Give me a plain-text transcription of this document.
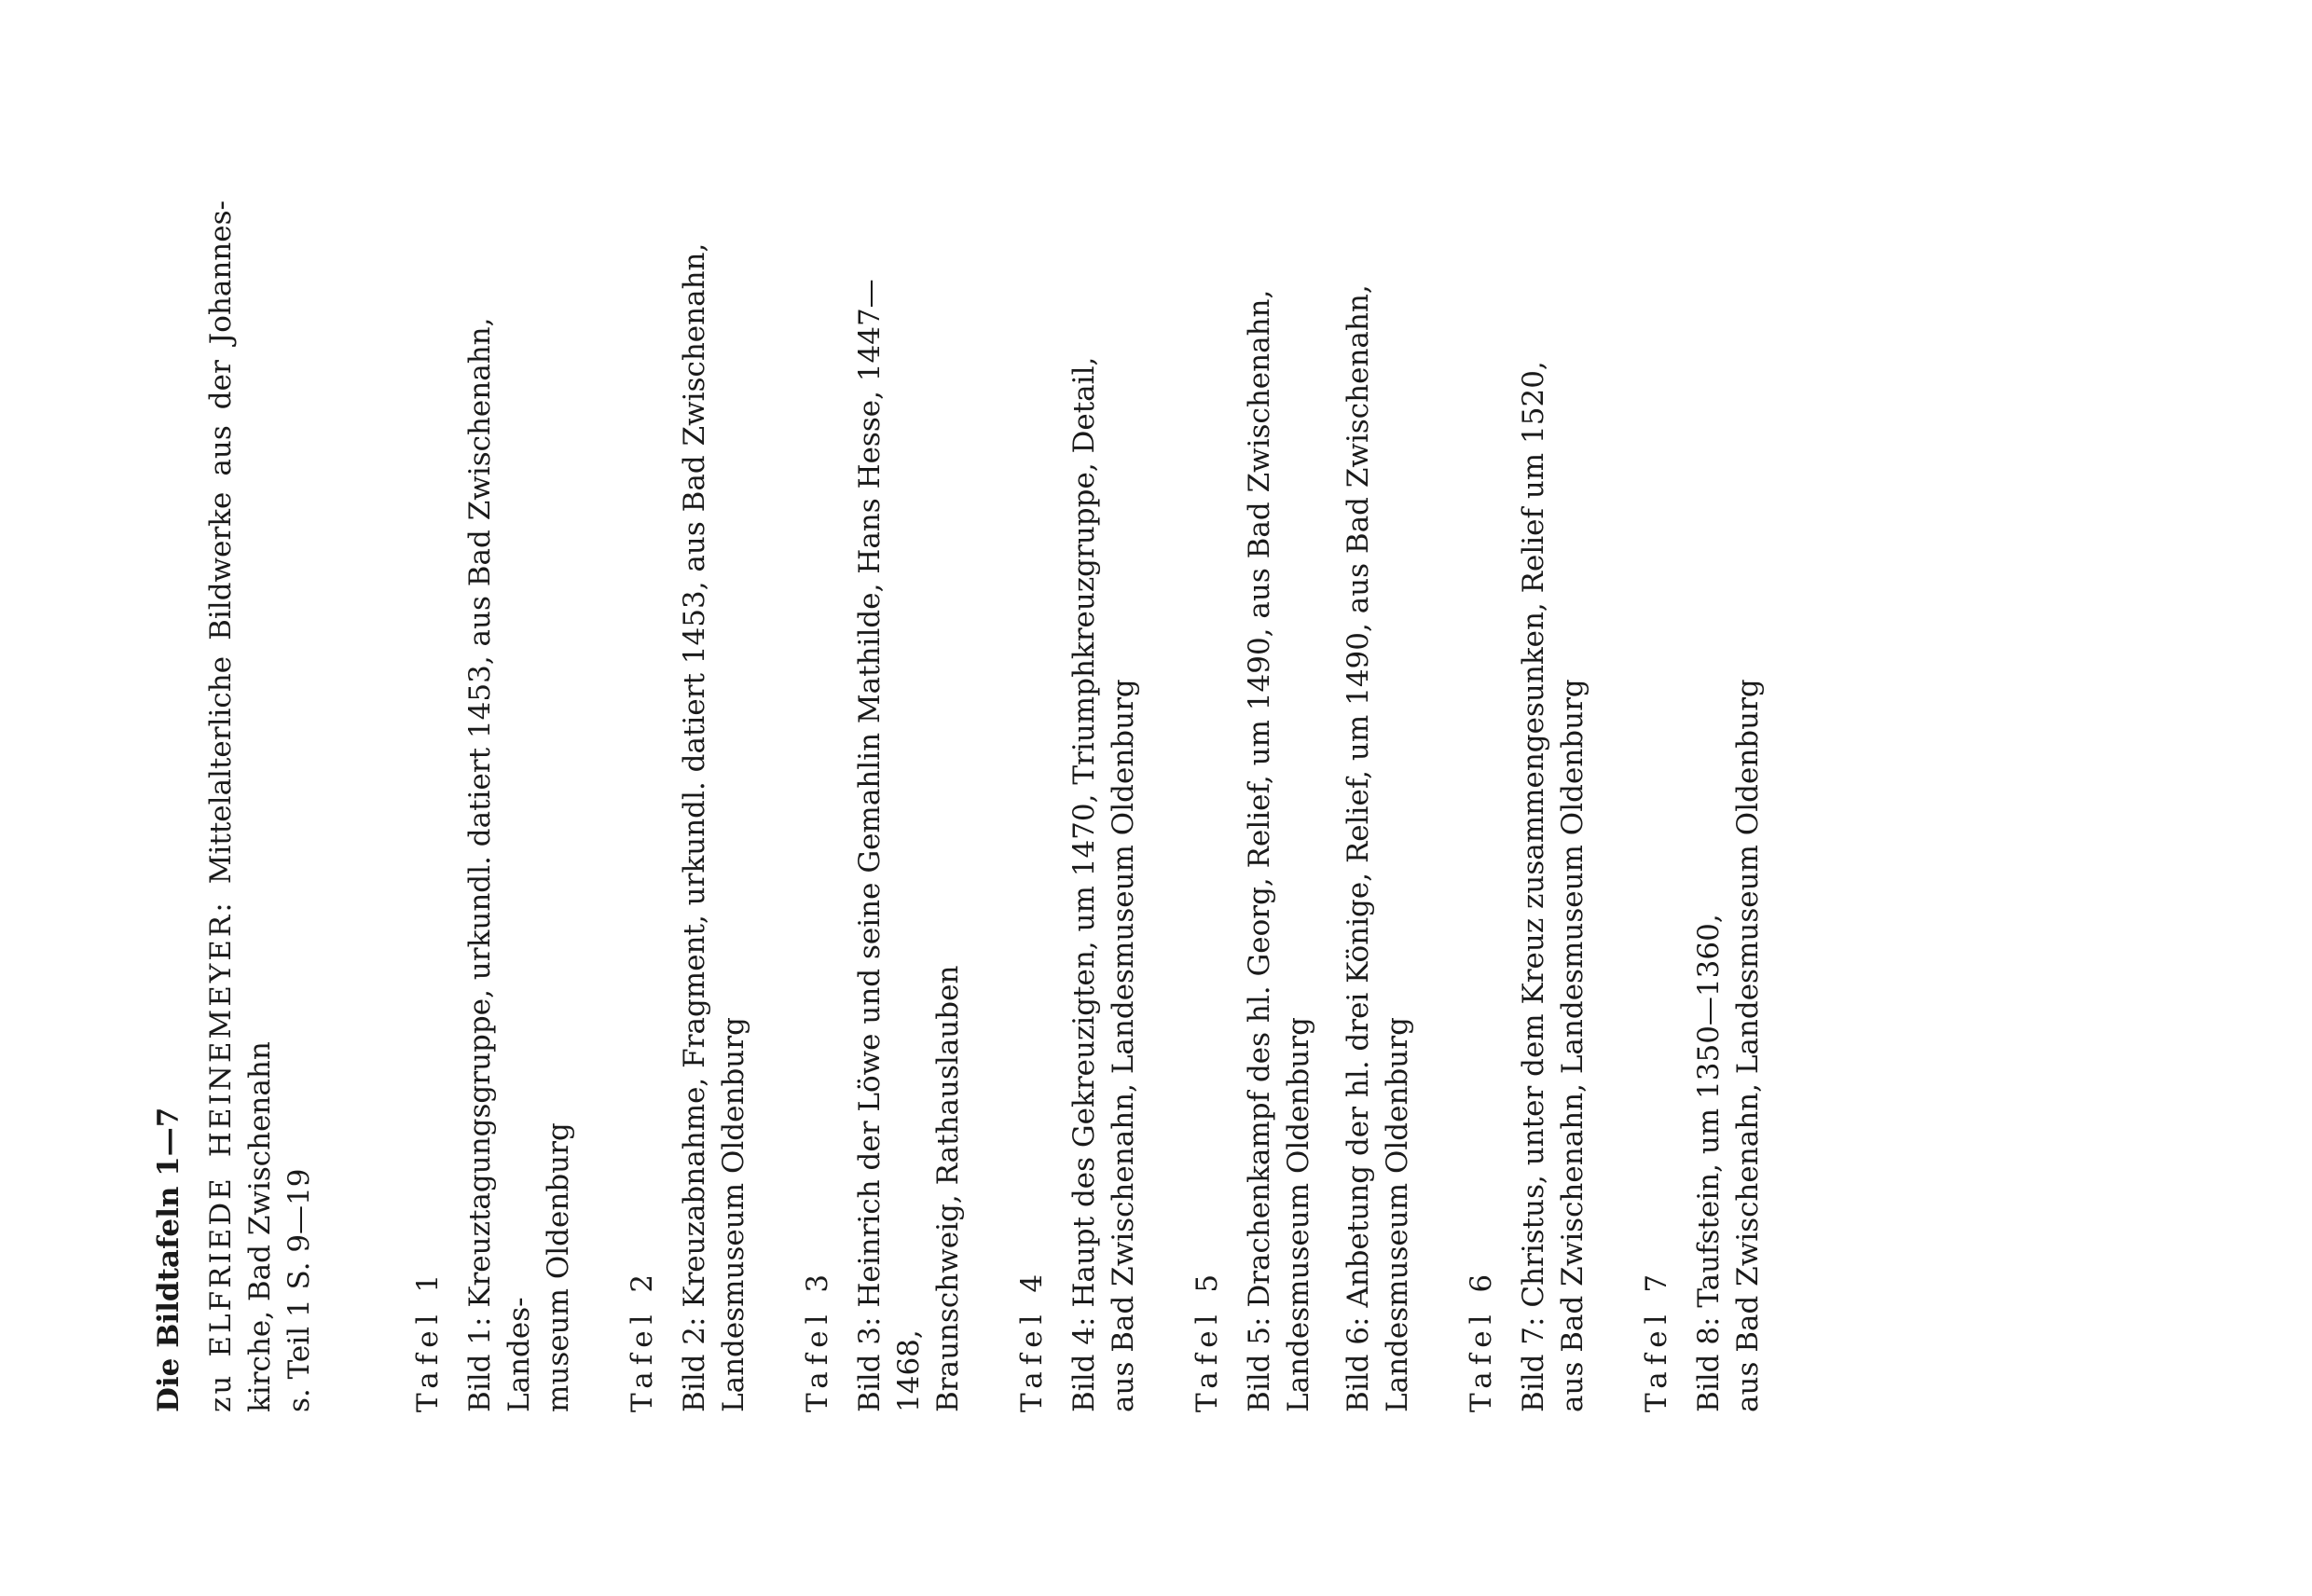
Die Bildtafeln 1—7 zu ELFRIEDE HEINEMEYER: Mittelalterliche Bildwerke aus der Johannes-

kirche, Bad Zwischenahn s. Teil 1 S. 9—19	Tafel 1 Bild 1: Kreuztagungsgruppe, urkundl. datiert 1453, aus Bad Zwischenahn, Landes- museum Oldenburg Tafel 2 Bild 2: Kreuzabnahme, Fragment, urkundl. datiert 1453, aus Bad Zwischenahn, Landesmuseum Oldenburg Tafel 3 Bild 3: Heinrich der Löwe und seine Gemahlin Mathilde, Hans Hesse, 1447—1468, Braunschweig, Rathauslauben Tafel 4 Bild 4: Haupt des Gekreuzigten, um 1470, Triumphkreuzgruppe, Detail, aus Bad Zwischenahn, Landesmuseum Oldenburg Tafel 5 Bild 5: Drachenkampf des hl. Georg, Relief, um 1490, aus Bad Zwischenahn, Landesmuseum Oldenburg Bild 6: Anbetung der hl. drei Könige, Relief, um 1490, aus Bad Zwischenahn, Landesmuseum Oldenburg Tafel 6 Bild 7: Christus, unter dem Kreuz zusammengesunken, Relief um 1520, aus Bad Zwischenahn, Landesmuseum Oldenburg Tafel 7 Bild 8: Taufstein, um 1350—1360, aus Bad Zwischenahn, Landesmuseum Oldenburg
